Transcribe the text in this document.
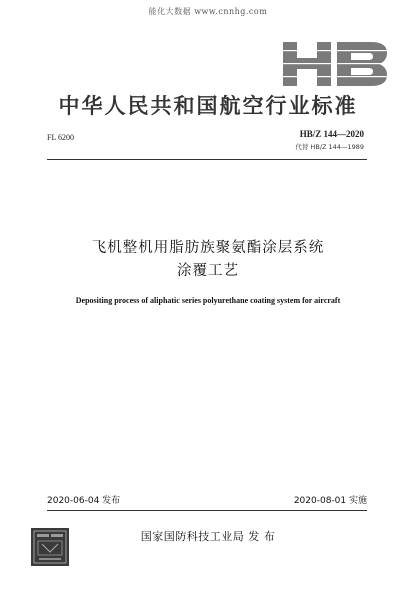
能化大数据 www.cnnhg.com
中华人民共和国航空行业标准
FL 6200	HB/Z 144—2020
代替 HB/Z 144—1989
飞机整机用脂肪族聚氨酯涂层系统
涂覆工艺
Depositing process of aliphatic series polyurethane coating system for aircraft
2020-06-04 发布	2020-08-01 实施
国家国防科技工业局 发 布
